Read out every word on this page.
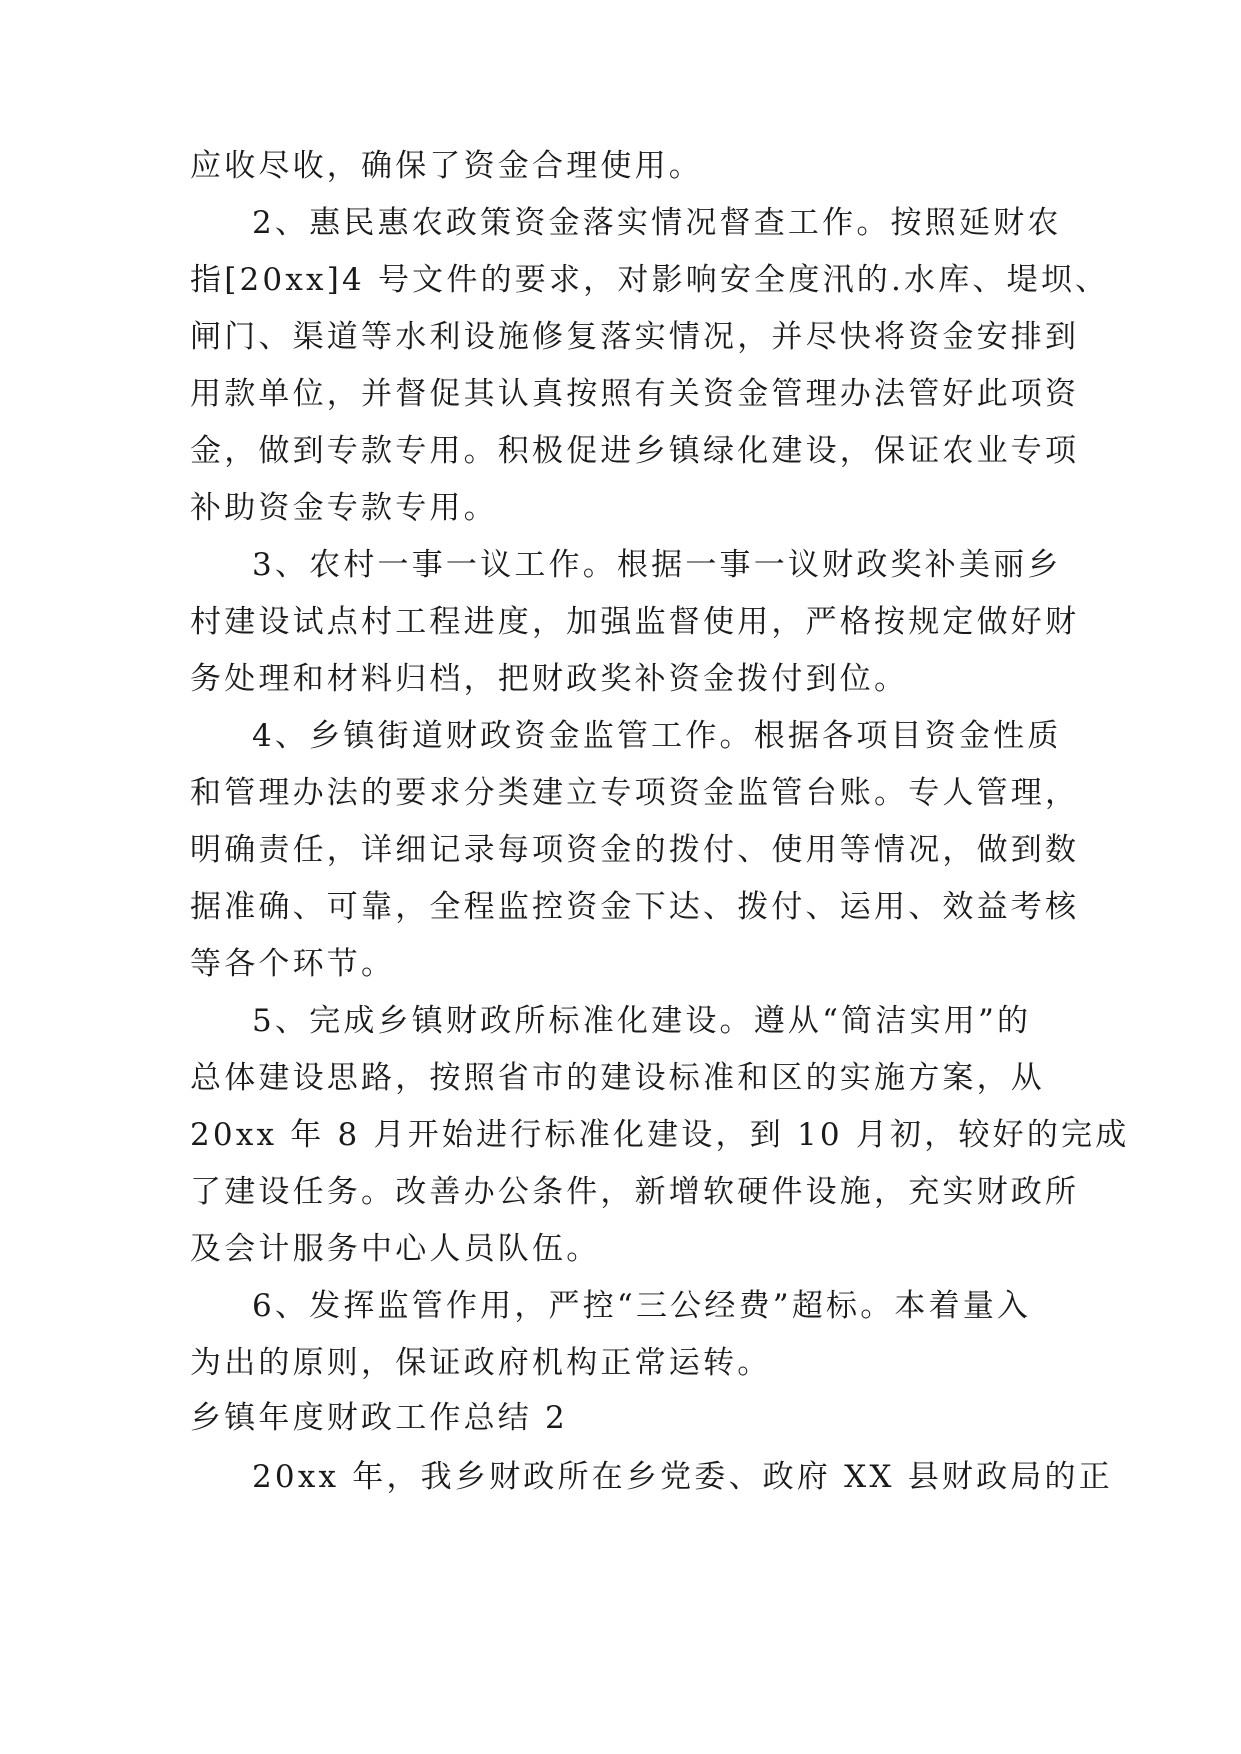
应收尽收，确保了资金合理使用。
2、惠民惠农政策资金落实情况督查工作。按照延财农
指[20xx]4 号文件的要求，对影响安全度汛的.水库、堤坝、
闸门、渠道等水利设施修复落实情况，并尽快将资金安排到
用款单位，并督促其认真按照有关资金管理办法管好此项资
金，做到专款专用。积极促进乡镇绿化建设，保证农业专项
补助资金专款专用。
3、农村一事一议工作。根据一事一议财政奖补美丽乡
村建设试点村工程进度，加强监督使用，严格按规定做好财
务处理和材料归档，把财政奖补资金拨付到位。
4、乡镇街道财政资金监管工作。根据各项目资金性质
和管理办法的要求分类建立专项资金监管台账。专人管理，
明确责任，详细记录每项资金的拨付、使用等情况，做到数
据准确、可靠，全程监控资金下达、拨付、运用、效益考核
等各个环节。
5、完成乡镇财政所标准化建设。遵从“简洁实用”的
总体建设思路，按照省市的建设标准和区的实施方案，从
20xx 年 8 月开始进行标准化建设，到 10 月初，较好的完成
了建设任务。改善办公条件，新增软硬件设施，充实财政所
及会计服务中心人员队伍。
6、发挥监管作用，严控“三公经费”超标。本着量入
为出的原则，保证政府机构正常运转。
乡镇年度财政工作总结 2
20xx 年，我乡财政所在乡党委、政府 XX 县财政局的正
